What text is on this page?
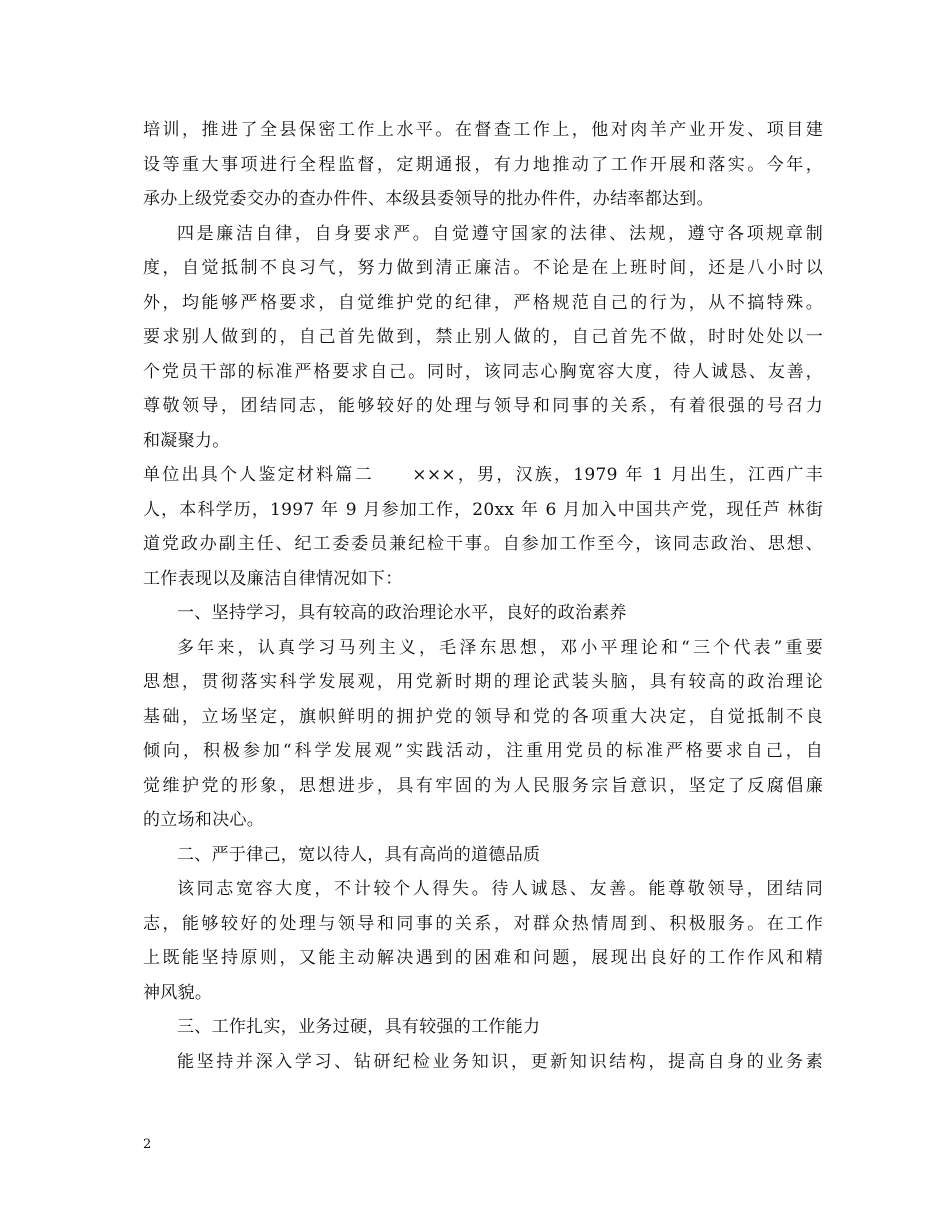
培训，推进了全县保密工作上水平。在督查工作上，他对肉羊产业开发、项目建
设等重大事项进行全程监督，定期通报，有力地推动了工作开展和落实。今年，
承办上级党委交办的查办件件、本级县委领导的批办件件，办结率都达到。
四是廉洁自律，自身要求严。自觉遵守国家的法律、法规，遵守各项规章制
度，自觉抵制不良习气，努力做到清正廉洁。不论是在上班时间，还是八小时以
外，均能够严格要求，自觉维护党的纪律，严格规范自己的行为，从不搞特殊。
要求别人做到的，自己首先做到，禁止别人做的，自己首先不做，时时处处以一
个党员干部的标准严格要求自己。同时，该同志心胸宽容大度，待人诚恳、友善，
尊敬领导，团结同志，能够较好的处理与领导和同事的关系，有着很强的号召力
和凝聚力。
单位出具个人鉴定材料篇二　　×××，男，汉族，1979 年 1 月出生，江西广丰
人，本科学历，1997 年 9 月参加工作，20xx 年 6 月加入中国共产党，现任芦 林街
道党政办副主任、纪工委委员兼纪检干事。自参加工作至今，该同志政治、思想、
工作表现以及廉洁自律情况如下：
一、坚持学习，具有较高的政治理论水平，良好的政治素养
多年来，认真学习马列主义，毛泽东思想，邓小平理论和“三个代表”重要
思想，贯彻落实科学发展观，用党新时期的理论武装头脑，具有较高的政治理论
基础，立场坚定，旗帜鲜明的拥护党的领导和党的各项重大决定，自觉抵制不良
倾向，积极参加“科学发展观”实践活动，注重用党员的标准严格要求自己，自
觉维护党的形象，思想进步，具有牢固的为人民服务宗旨意识，坚定了反腐倡廉
的立场和决心。
二、严于律己，宽以待人，具有高尚的道德品质
该同志宽容大度，不计较个人得失。待人诚恳、友善。能尊敬领导，团结同
志，能够较好的处理与领导和同事的关系，对群众热情周到、积极服务。在工作
上既能坚持原则，又能主动解决遇到的困难和问题，展现出良好的工作作风和精
神风貌。
三、工作扎实，业务过硬，具有较强的工作能力
能坚持并深入学习、钻研纪检业务知识，更新知识结构，提高自身的业务素
2
